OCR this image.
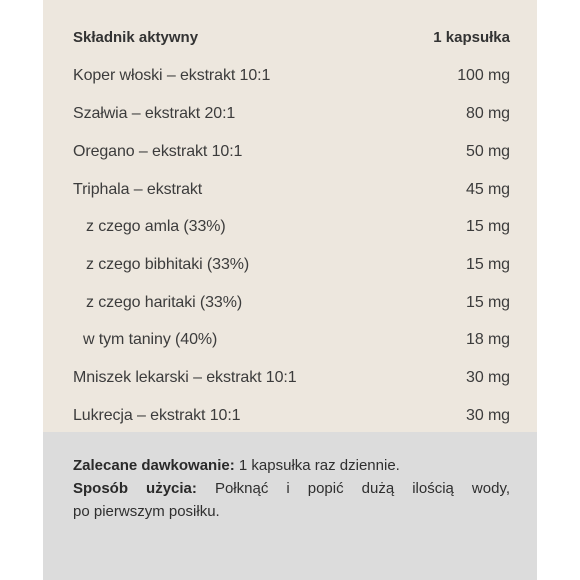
Składnik aktywny	1 kapsułka
Koper włoski – ekstrakt 10:1	100 mg
Szałwia – ekstrakt 20:1	80 mg
Oregano – ekstrakt 10:1	50 mg
Triphala – ekstrakt	45 mg
z czego amla (33%)	15 mg
z czego bibhitaki (33%)	15 mg
z czego haritaki (33%)	15 mg
w tym taniny (40%)	18 mg
Mniszek lekarski – ekstrakt 10:1	30 mg
Lukrecja – ekstrakt 10:1	30 mg
Zalecane dawkowanie: 1 kapsułka raz dziennie.
Sposób użycia: Połknąć i popić dużą ilością wody,
po pierwszym posiłku.
